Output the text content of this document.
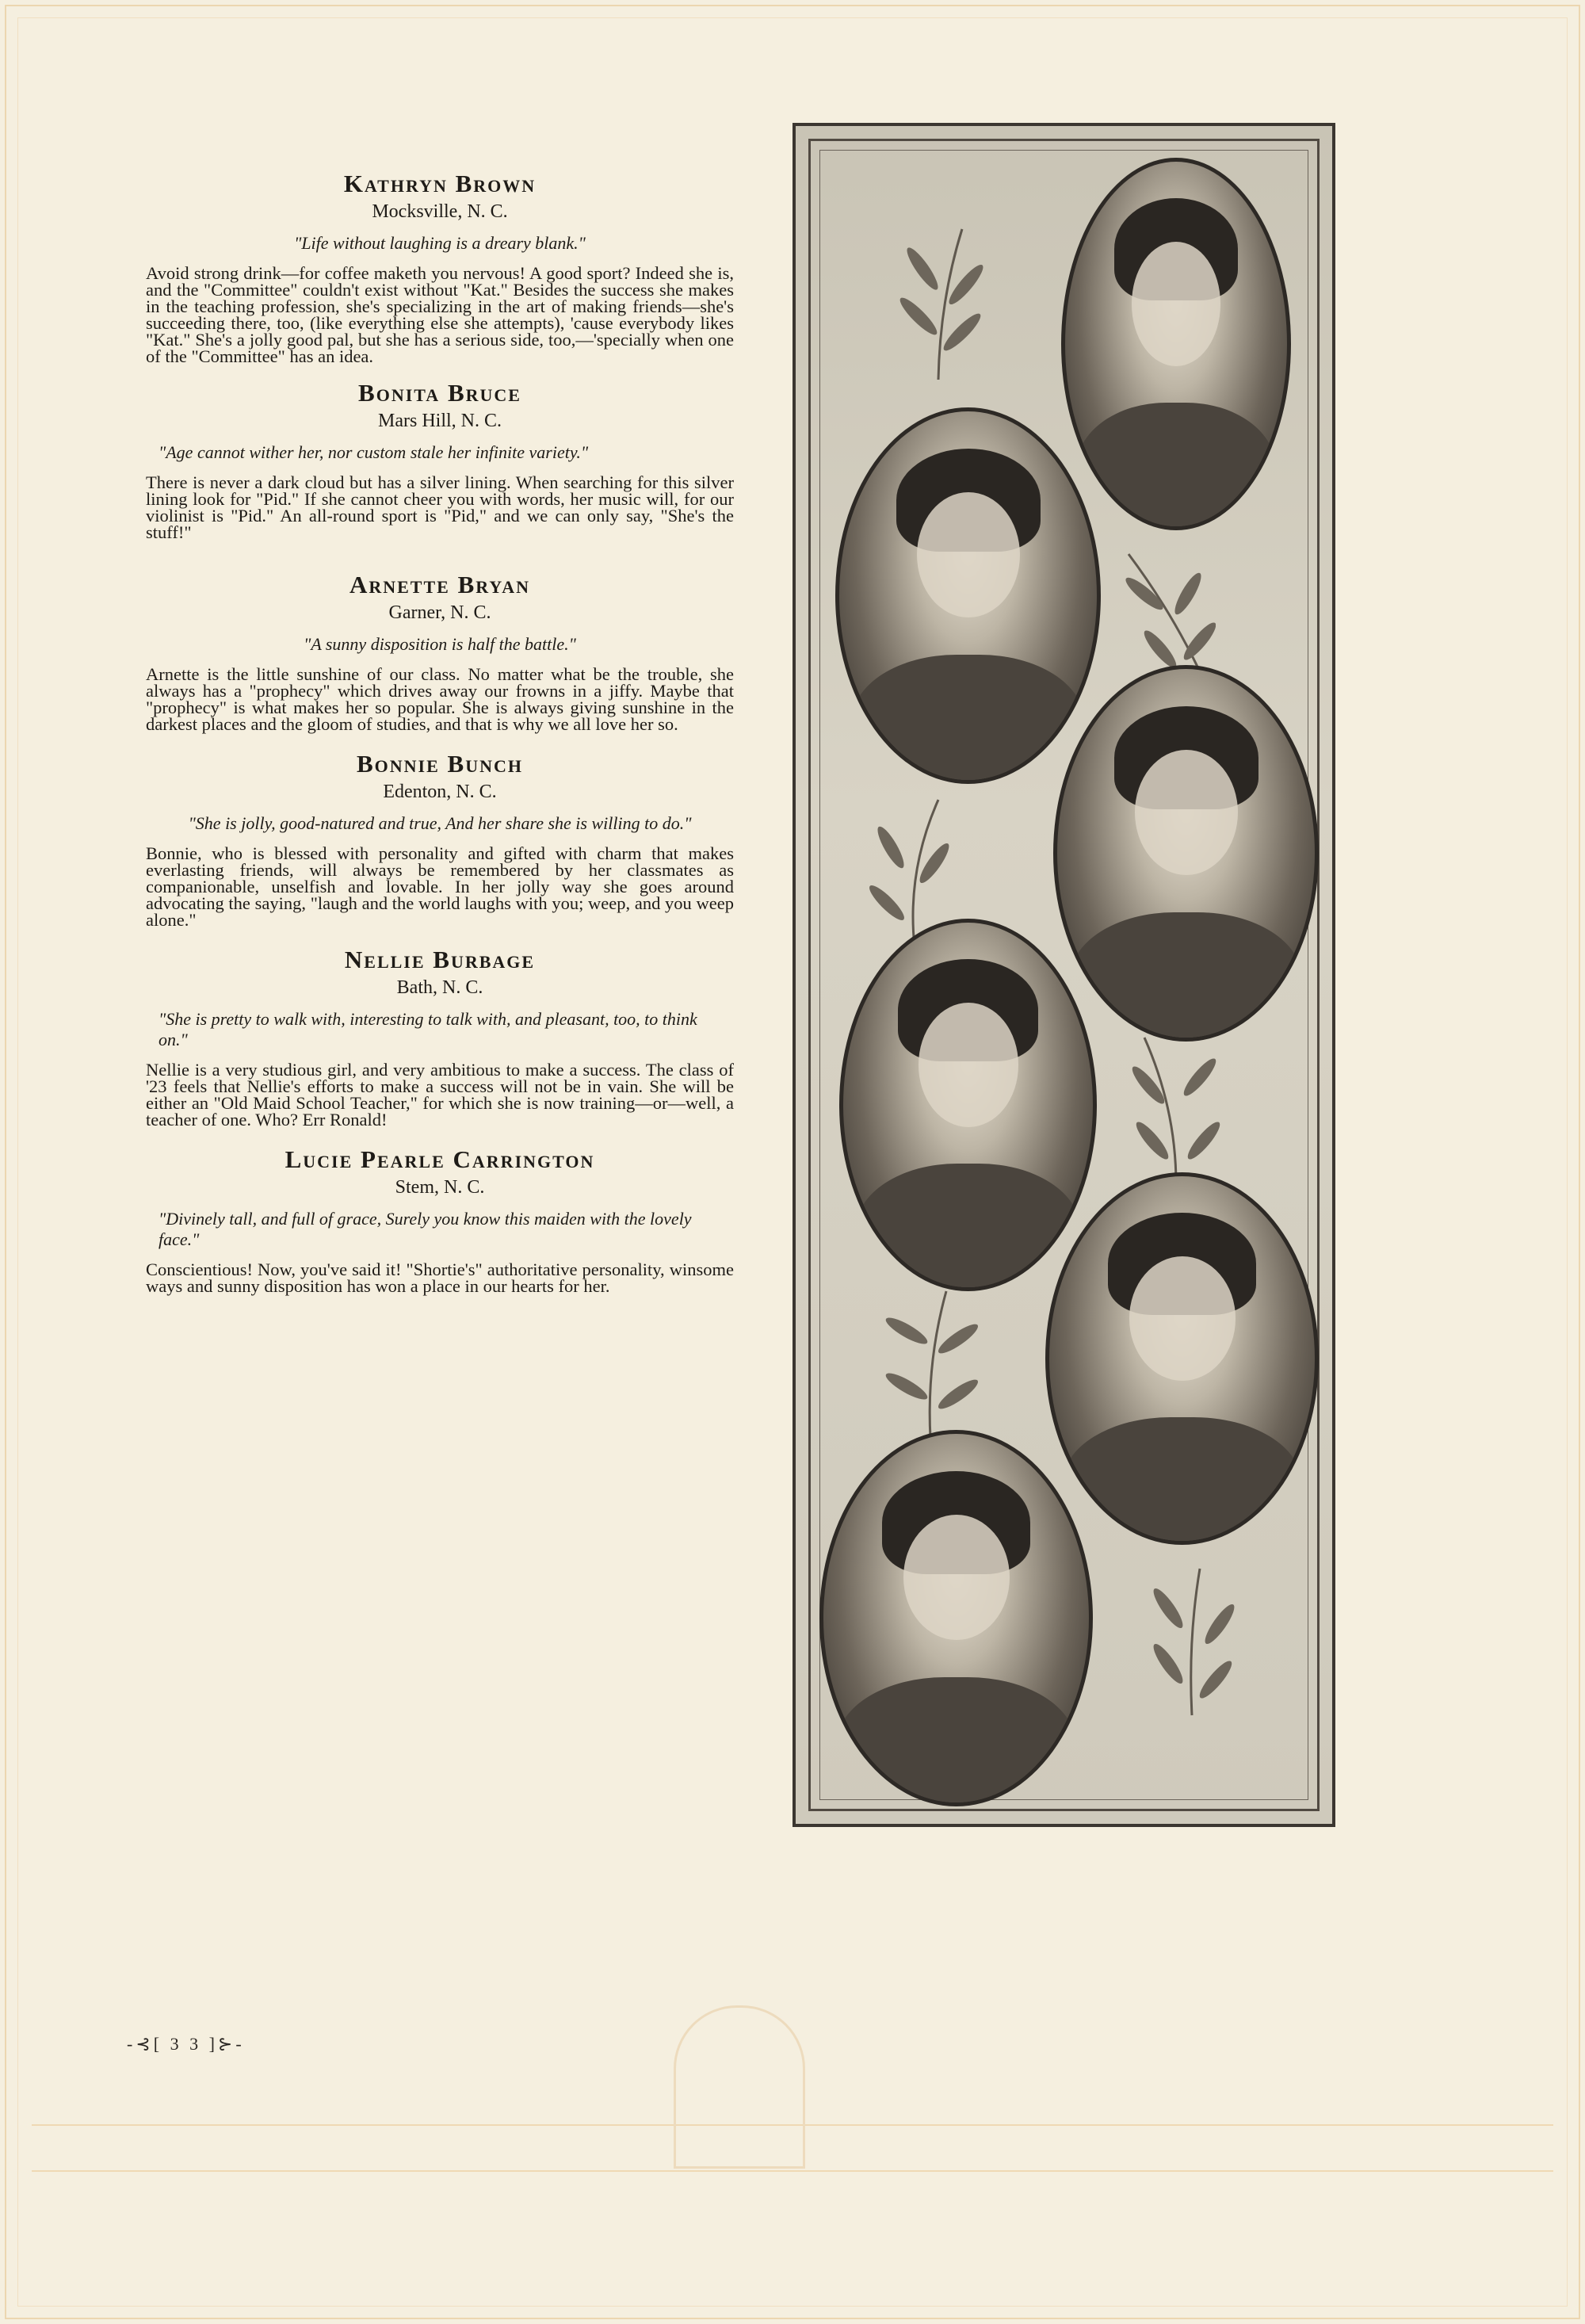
Kathryn Brown

Mocksville, N. C.

"Life without laughing is a dreary blank."

Avoid strong drink—for coffee maketh you nervous! A good sport? Indeed she is, and the "Committee" couldn't exist without "Kat." Besides the success she makes in the teaching profession, she's specializing in the art of making friends—she's succeeding there, too, (like everything else she attempts), 'cause everybody likes "Kat." She's a jolly good pal, but she has a serious side, too,—'specially when one of the "Committee" has an idea.

Bonita Bruce

Mars Hill, N. C.

"Age cannot wither her, nor custom stale her infinite variety."

There is never a dark cloud but has a silver lining. When searching for this silver lining look for "Pid." If she cannot cheer you with words, her music will, for our violinist is "Pid." An all-round sport is "Pid," and we can only say, "She's the stuff!"

Arnette Bryan

Garner, N. C.

"A sunny disposition is half the battle."

Arnette is the little sunshine of our class. No matter what be the trouble, she always has a "prophecy" which drives away our frowns in a jiffy. Maybe that "prophecy" is what makes her so popular. She is always giving sunshine in the darkest places and the gloom of studies, and that is why we all love her so.

Bonnie Bunch

Edenton, N. C.

"She is jolly, good-natured and true, And her share she is willing to do."

Bonnie, who is blessed with personality and gifted with charm that makes everlasting friends, will always be remembered by her classmates as companionable, unselfish and lovable. In her jolly way she goes around advocating the saying, "laugh and the world laughs with you; weep, and you weep alone."

Nellie Burbage

Bath, N. C.

"She is pretty to walk with, interesting to talk with, and pleasant, too, to think on."

Nellie is a very studious girl, and very ambitious to make a success. The class of '23 feels that Nellie's efforts to make a success will not be in vain. She will be either an "Old Maid School Teacher," for which she is now training—or—well, a teacher of one. Who? Err Ronald!

Lucie Pearle Carrington

Stem, N. C.

"Divinely tall, and full of grace, Surely you know this maiden with the lovely face."

Conscientious! Now, you've said it! "Shortie's" authoritative personality, winsome ways and sunny disposition has won a place in our hearts for her.

-⊰[ 3 3 ]⊱-
